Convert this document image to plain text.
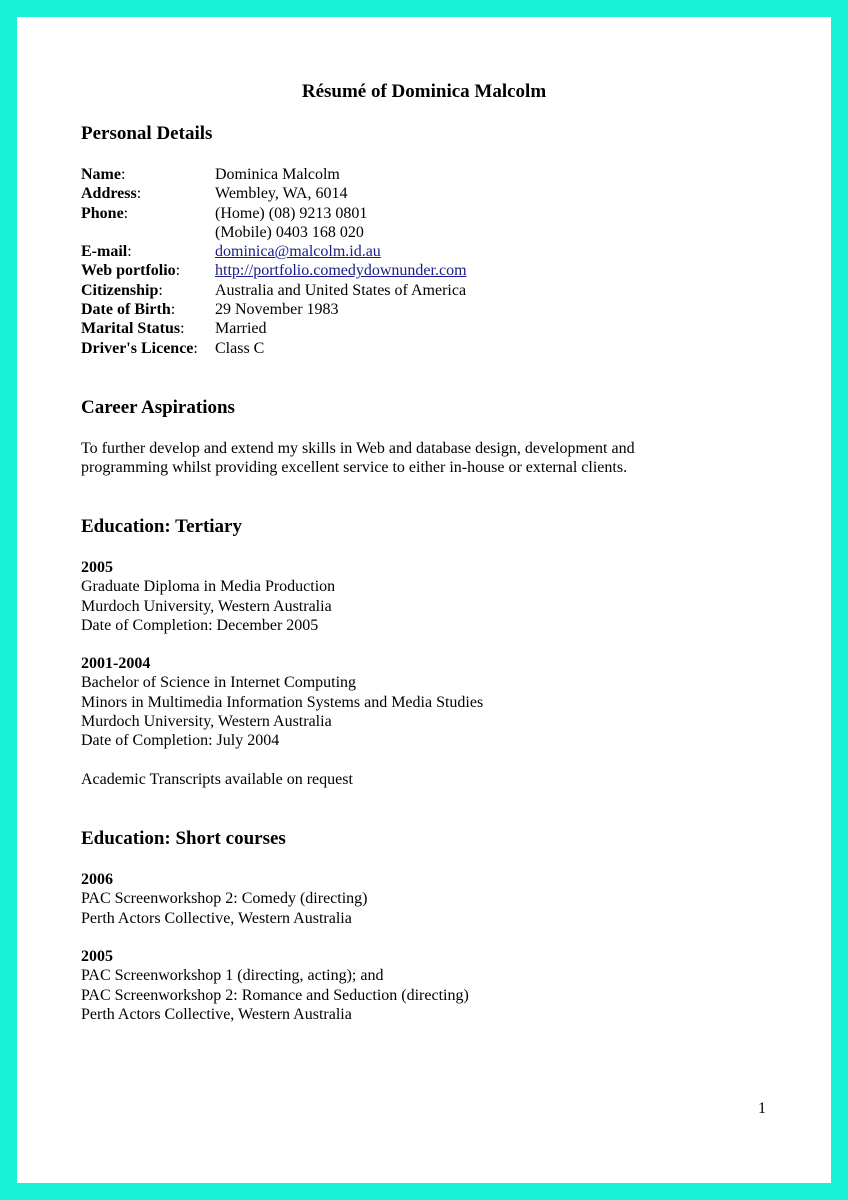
Résumé of Dominica Malcolm
Personal Details
Name:	Dominica Malcolm
Address:	Wembley, WA, 6014
Phone:	(Home) (08) 9213 0801
(Mobile) 0403 168 020
E-mail:	dominica@malcolm.id.au
Web portfolio:	http://portfolio.comedydownunder.com
Citizenship:	Australia and United States of America
Date of Birth:	29 November 1983
Marital Status:	Married
Driver's Licence:	Class C
Career Aspirations
To further develop and extend my skills in Web and database design, development and
programming whilst providing excellent service to either in-house or external clients.
Education: Tertiary
2005
Graduate Diploma in Media Production
Murdoch University, Western Australia
Date of Completion: December 2005
2001-2004
Bachelor of Science in Internet Computing
Minors in Multimedia Information Systems and Media Studies
Murdoch University, Western Australia
Date of Completion: July 2004
Academic Transcripts available on request
Education: Short courses
2006
PAC Screenworkshop 2: Comedy (directing)
Perth Actors Collective, Western Australia
2005
PAC Screenworkshop 1 (directing, acting); and
PAC Screenworkshop 2: Romance and Seduction (directing)
Perth Actors Collective, Western Australia
1
